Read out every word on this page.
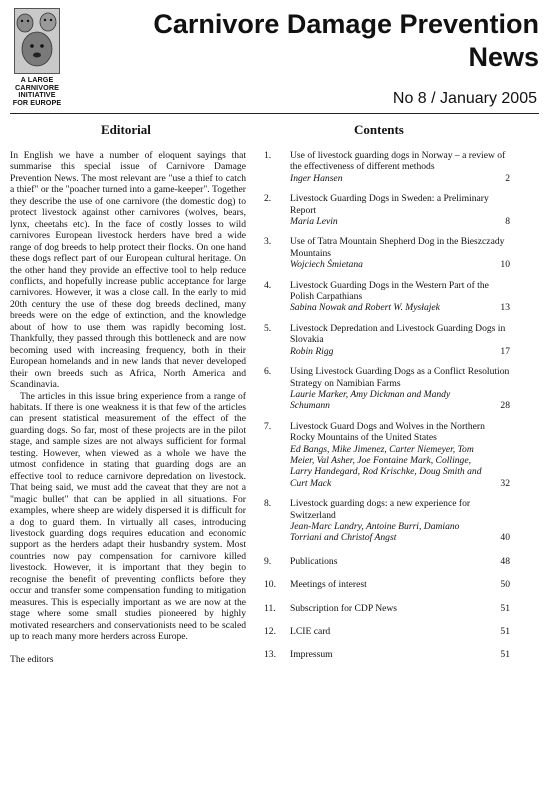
A LARGE
CARNIVORE
INITIATIVE
FOR EUROPE
Carnivore Damage Prevention
News
No 8 / January 2005
Editorial	Contents

In English we have a number of eloquent sayings that summarise this special issue of Carnivore Damage Prevention News. The most relevant are "use a thief to catch a thief" or the "poacher turned into a game-keeper". Together they describe the use of one carnivore (the domestic dog) to protect livestock against other carnivores (wolves, bears, lynx, cheetahs etc). In the face of costly losses to wild carnivores European livestock herders have bred a wide range of dog breeds to help protect their flocks. On one hand these dogs reflect part of our European cultural heritage. On the other hand they provide an effective tool to help reduce conflicts, and hopefully increase public acceptance for large carnivores. However, it was a close call. In the early to mid 20th century the use of these dog breeds declined, many breeds were on the edge of extinction, and the knowledge about of how to use them was rapidly becoming lost. Thankfully, they passed through this bottleneck and are now becoming used with increasing frequency, both in their European homelands and in new lands that never developed their own breeds such as Africa, North America and Scandinavia.

The articles in this issue bring experience from a range of habitats. If there is one weakness it is that few of the articles can present statistical measurement of the effect of the guarding dogs. So far, most of these projects are in the pilot stage, and sample sizes are not always sufficient for formal testing. However, when viewed as a whole we have the utmost confidence in stating that guarding dogs are an effective tool to reduce carnivore depredation on livestock. That being said, we must add the caveat that they are not a "magic bullet" that can be applied in all situations. For examples, where sheep are widely dispersed it is difficult for a dog to guard them. In virtually all cases, introducing livestock guarding dogs requires education and economic support as the herders adapt their husbandry system. Most countries now pay compensation for carnivore killed livestock. However, it is important that they begin to recognise the benefit of preventing conflicts before they occur and transfer some compensation funding to mitigation measures. This is especially important as we are now at the stage where some small studies pioneered by highly motivated researchers and conservationists need to be scaled up to reach many more herders across Europe.

The editors

1. Use of livestock guarding dogs in Norway – a review of the effectiveness of different methods
Inger Hansen	2
2. Livestock Guarding Dogs in Sweden: a Preliminary Report
Maria Levin	8
3. Use of Tatra Mountain Shepherd Dog in the Bieszczady Mountains
Wojciech Śmietana	10
4. Livestock Guarding Dogs in the Western Part of the Polish Carpathians
Sabina Nowak and Robert W. Mysłajek	13
5. Livestock Depredation and Livestock Guarding Dogs in Slovakia
Robin Rigg	17
6. Using Livestock Guarding Dogs as a Conflict Resolution Strategy on Namibian Farms
Laurie Marker, Amy Dickman and Mandy Schumann	28
7. Livestock Guard Dogs and Wolves in the Northern Rocky Mountains of the United States
Ed Bangs, Mike Jimenez, Carter Niemeyer, Tom Meier, Val Asher, Joe Fontaine Mark, Collinge, Larry Handegard, Rod Krischke, Doug Smith and Curt Mack	32
8. Livestock guarding dogs: a new experience for Switzerland
Jean-Marc Landry, Antoine Burri, Damiano Torriani and Christof Angst	40
9. Publications	48
10. Meetings of interest	50
11. Subscription for CDP News	51
12. LCIE card	51
13. Impressum	51
